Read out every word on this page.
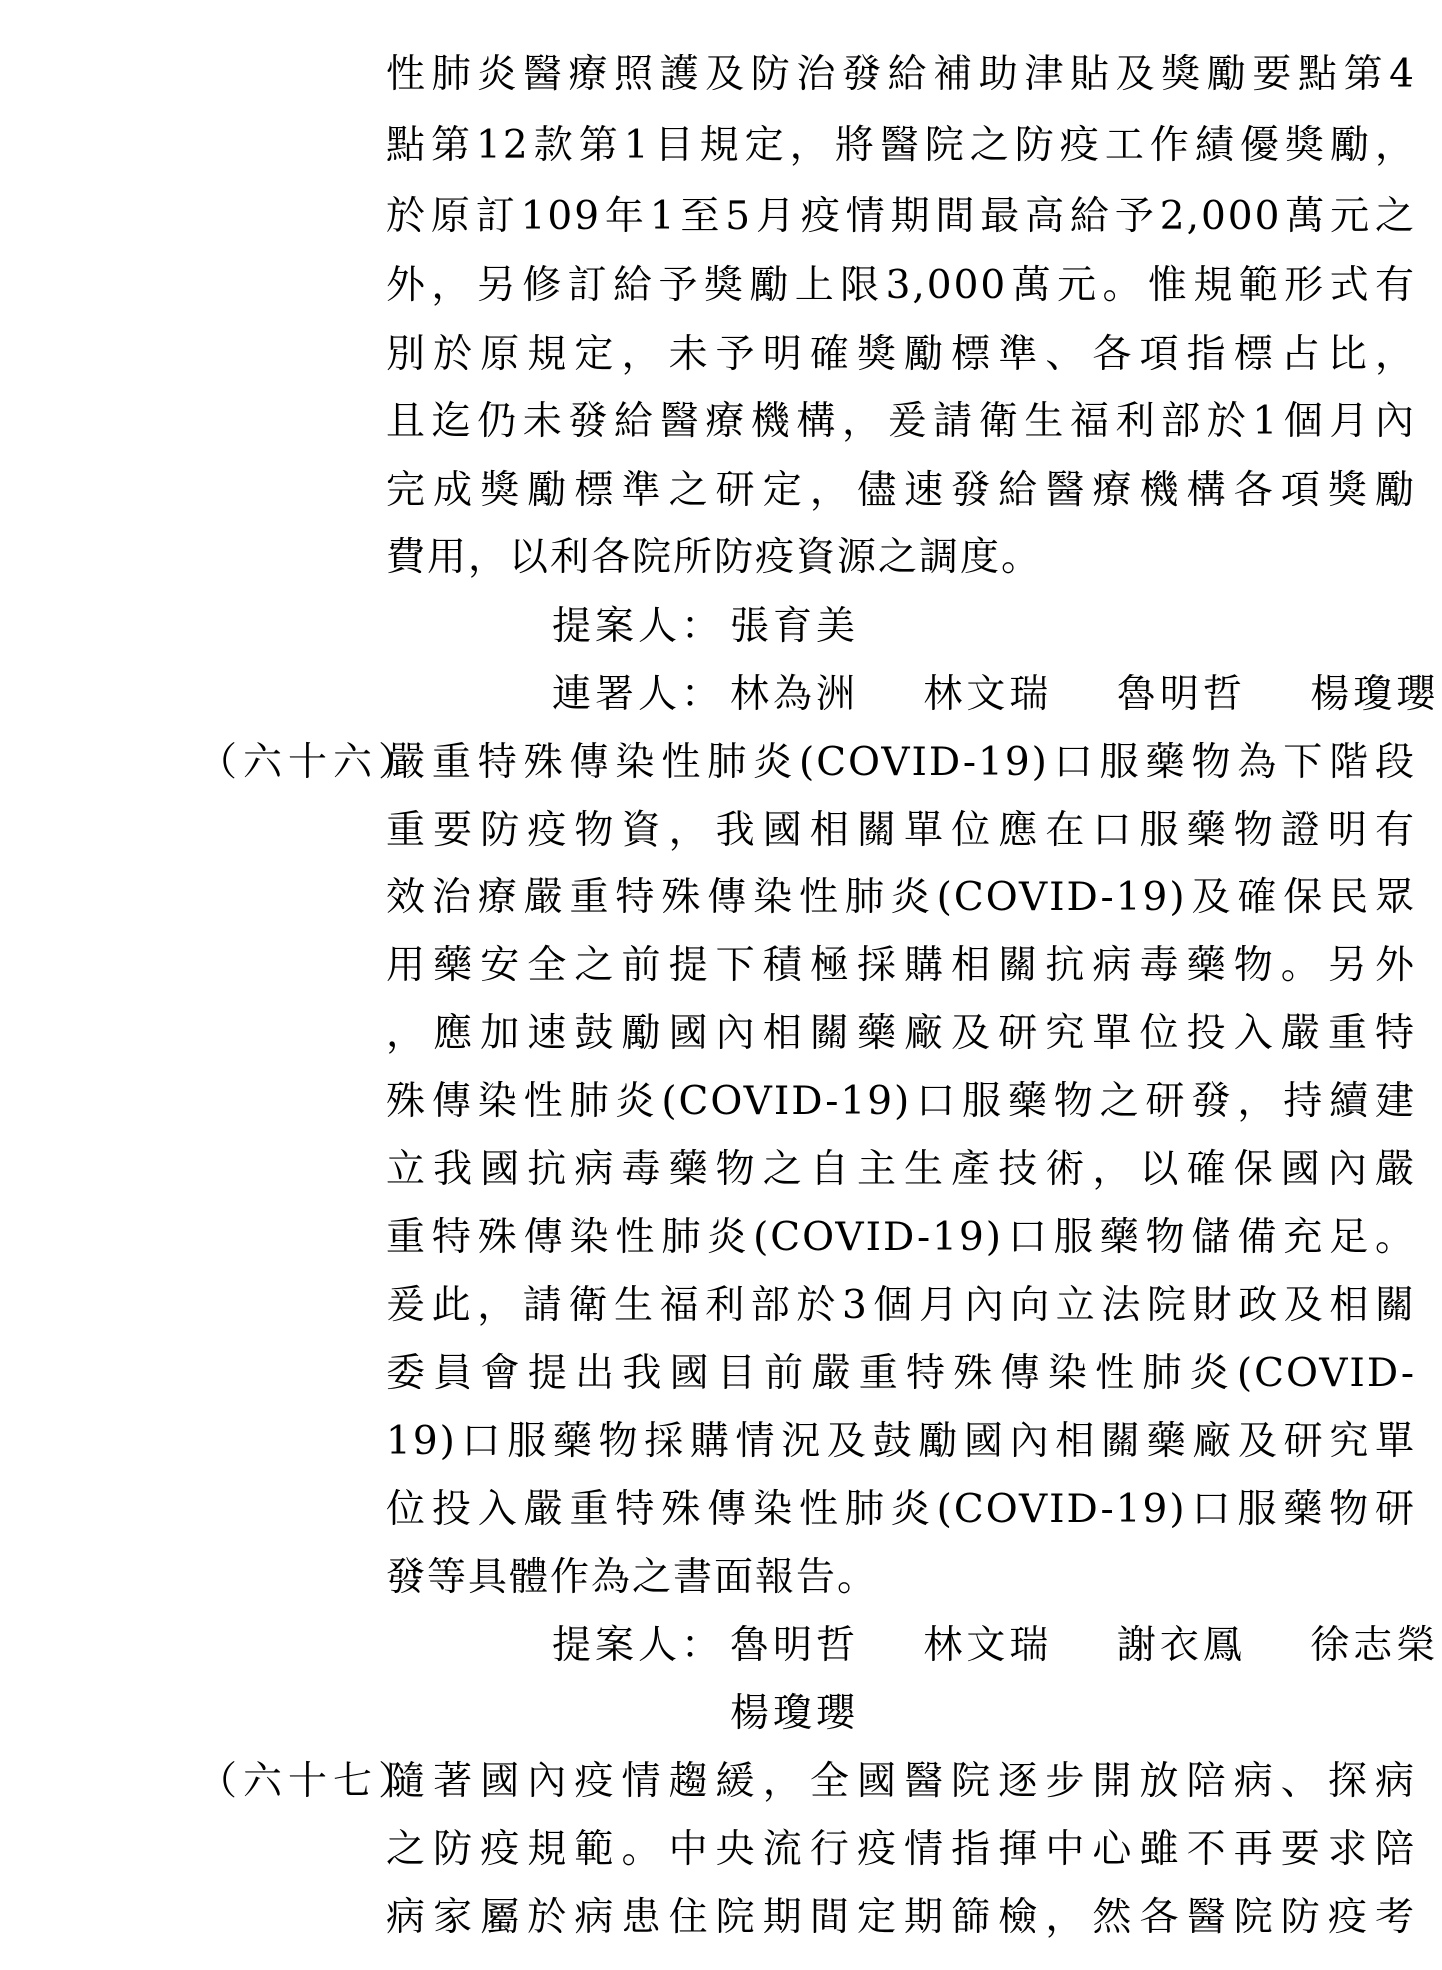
性肺炎醫療照護及防治發給補助津貼及獎勵要點第4
點第12款第1目規定，將醫院之防疫工作績優獎勵，
於原訂109年1至5月疫情期間最高給予2,000萬元之
外，另修訂給予獎勵上限3,000萬元。惟規範形式有
別於原規定，未予明確獎勵標準、各項指標占比，
且迄仍未發給醫療機構，爰請衛生福利部於1個月內
完成獎勵標準之研定，儘速發給醫療機構各項獎勵
費用，以利各院所防疫資源之調度。
提案人： 張育美
連署人： 林為洲 林文瑞 魯明哲 楊瓊瓔
（六十六）
嚴重特殊傳染性肺炎(COVID-19)口服藥物為下階段
重要防疫物資，我國相關單位應在口服藥物證明有
效治療嚴重特殊傳染性肺炎(COVID-19)及確保民眾
用藥安全之前提下積極採購相關抗病毒藥物。另外
，應加速鼓勵國內相關藥廠及研究單位投入嚴重特
殊傳染性肺炎(COVID-19)口服藥物之研發，持續建
立我國抗病毒藥物之自主生產技術，以確保國內嚴
重特殊傳染性肺炎(COVID-19)口服藥物儲備充足。
爰此，請衛生福利部於3個月內向立法院財政及相關
委員會提出我國目前嚴重特殊傳染性肺炎(COVID-
19)口服藥物採購情況及鼓勵國內相關藥廠及研究單
位投入嚴重特殊傳染性肺炎(COVID-19)口服藥物研
發等具體作為之書面報告。
提案人： 魯明哲 林文瑞 謝衣鳳 徐志榮
楊瓊瓔
（六十七）
隨著國內疫情趨緩，全國醫院逐步開放陪病、探病
之防疫規範。中央流行疫情指揮中心雖不再要求陪
病家屬於病患住院期間定期篩檢，然各醫院防疫考
